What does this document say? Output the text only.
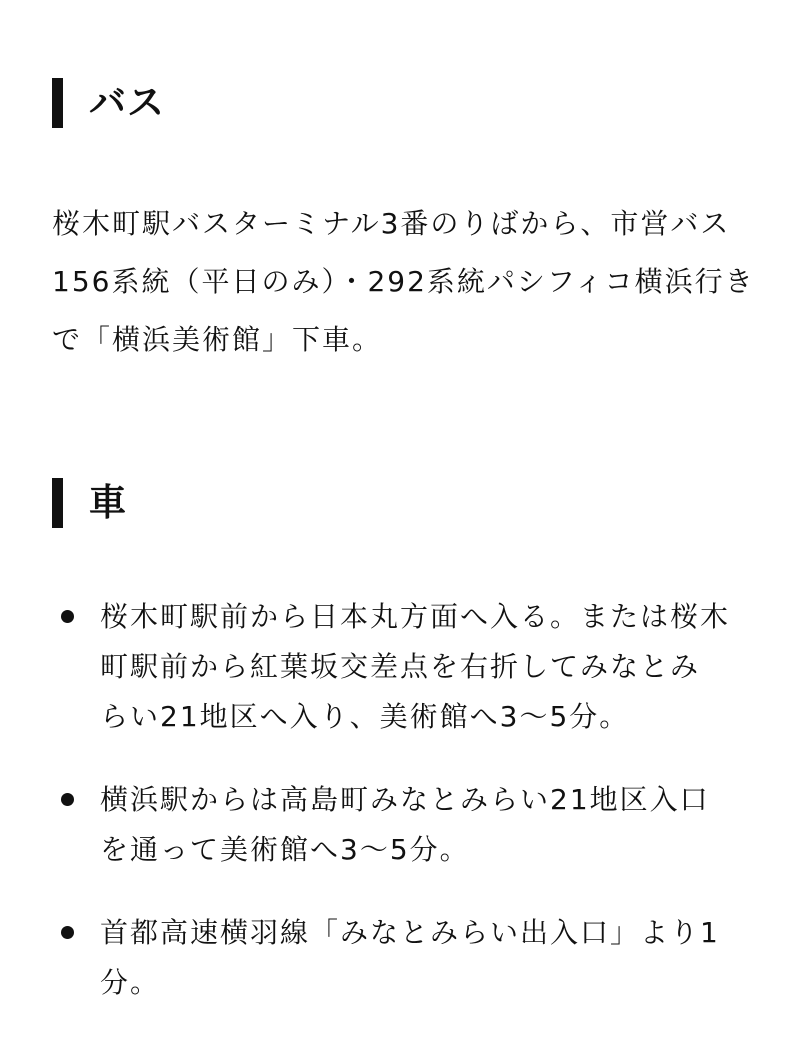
バス

桜木町駅バスターミナル3番のりばから、市営バス
156系統（平日のみ）・292系統パシフィコ横浜行き
で「横浜美術館」下車。

車
桜木町駅前から日本丸方面へ入る。または桜木
町駅前から紅葉坂交差点を右折してみなとみ
らい21地区へ入り、美術館へ3〜5分。
横浜駅からは高島町みなとみらい21地区入口
を通って美術館へ3〜5分。
首都高速横羽線「みなとみらい出入口」より1
分。
